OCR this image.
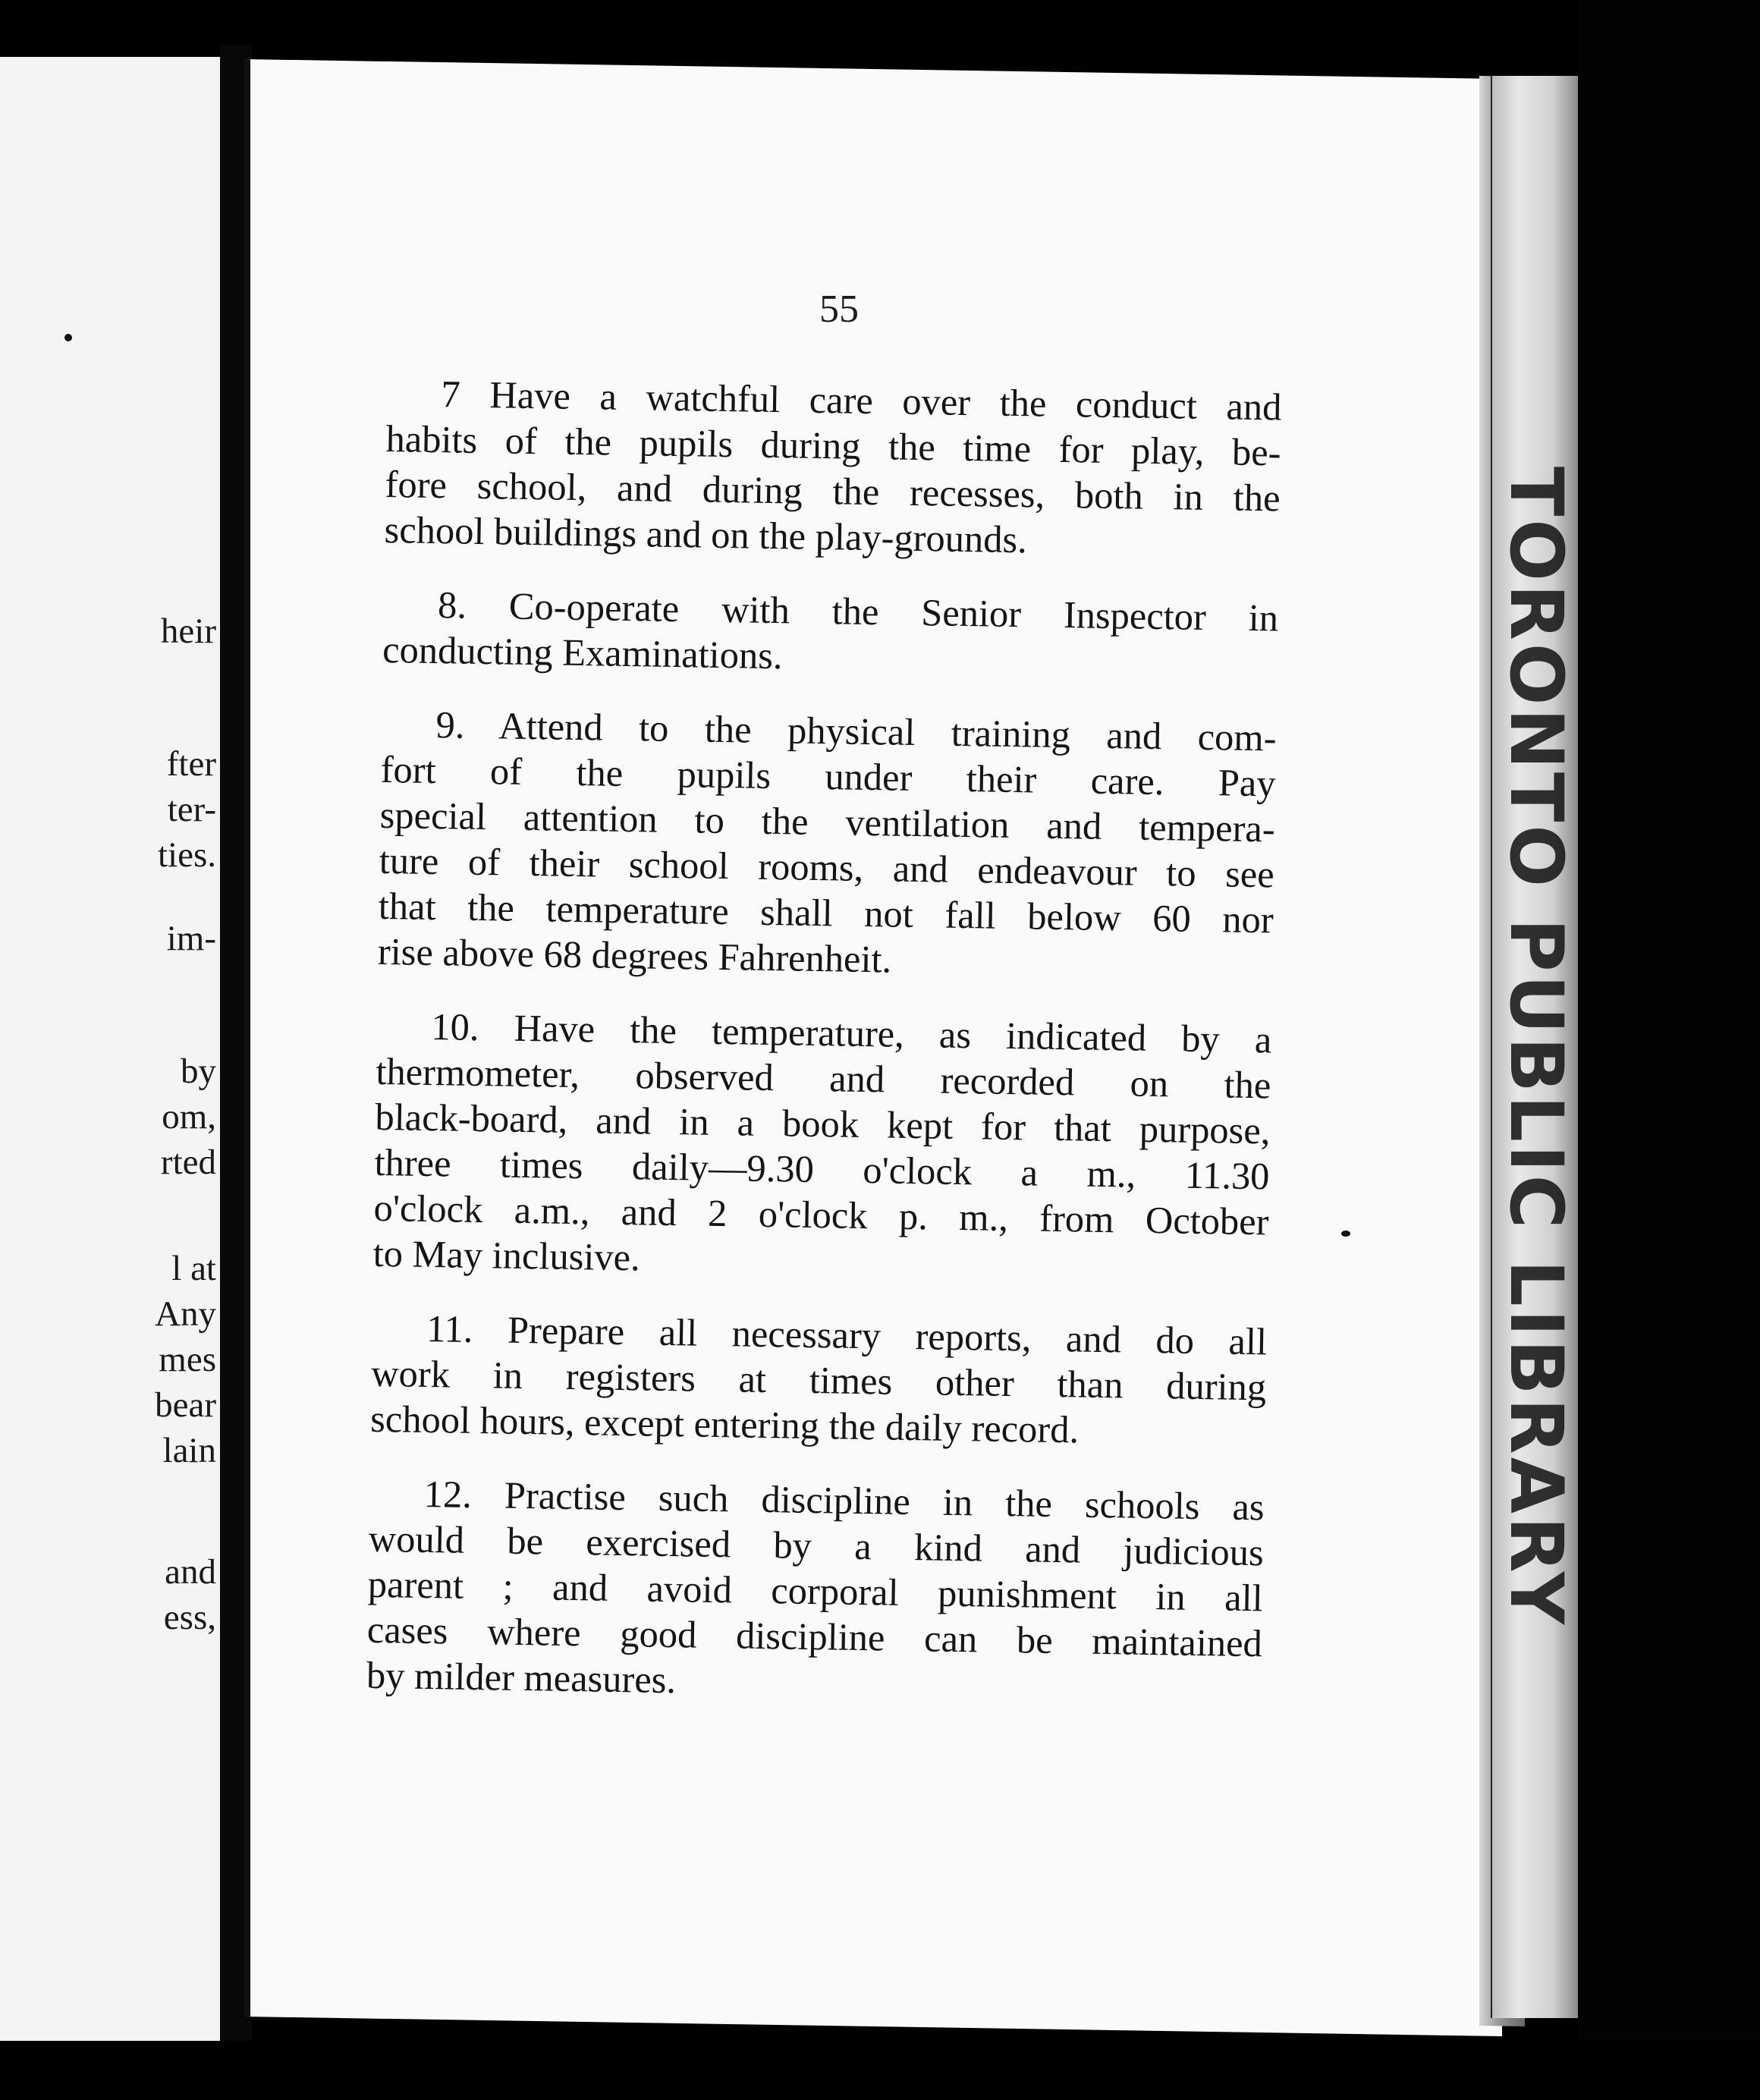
heir
fter
ter-
ties.
im-
by
om,
rted
l at
Any
mes
bear
lain
and
ess,	TORONTO PUBLIC LIBRARY
55
7 Have a watchful care over the conduct and
habits of the pupils during the time for play, be-
fore school, and during the recesses, both in the
school buildings and on the play-grounds.
8. Co-operate with the Senior Inspector in
conducting Examinations.
9. Attend to the physical training and com-
fort of the pupils under their care. Pay
special attention to the ventilation and tempera-
ture of their school rooms, and endeavour to see
that the temperature shall not fall below 60 nor
rise above 68 degrees Fahrenheit.
10. Have the temperature, as indicated by a
thermometer, observed and recorded on the
black-board, and in a book kept for that purpose,
three times daily—9.30 o'clock a m., 11.30
o'clock a.m., and 2 o'clock p. m., from October
to May inclusive.
11. Prepare all necessary reports, and do all
work in registers at times other than during
school hours, except entering the daily record.
12. Practise such discipline in the schools as
would be exercised by a kind and judicious
parent ; and avoid corporal punishment in all
cases where good discipline can be maintained
by milder measures.
